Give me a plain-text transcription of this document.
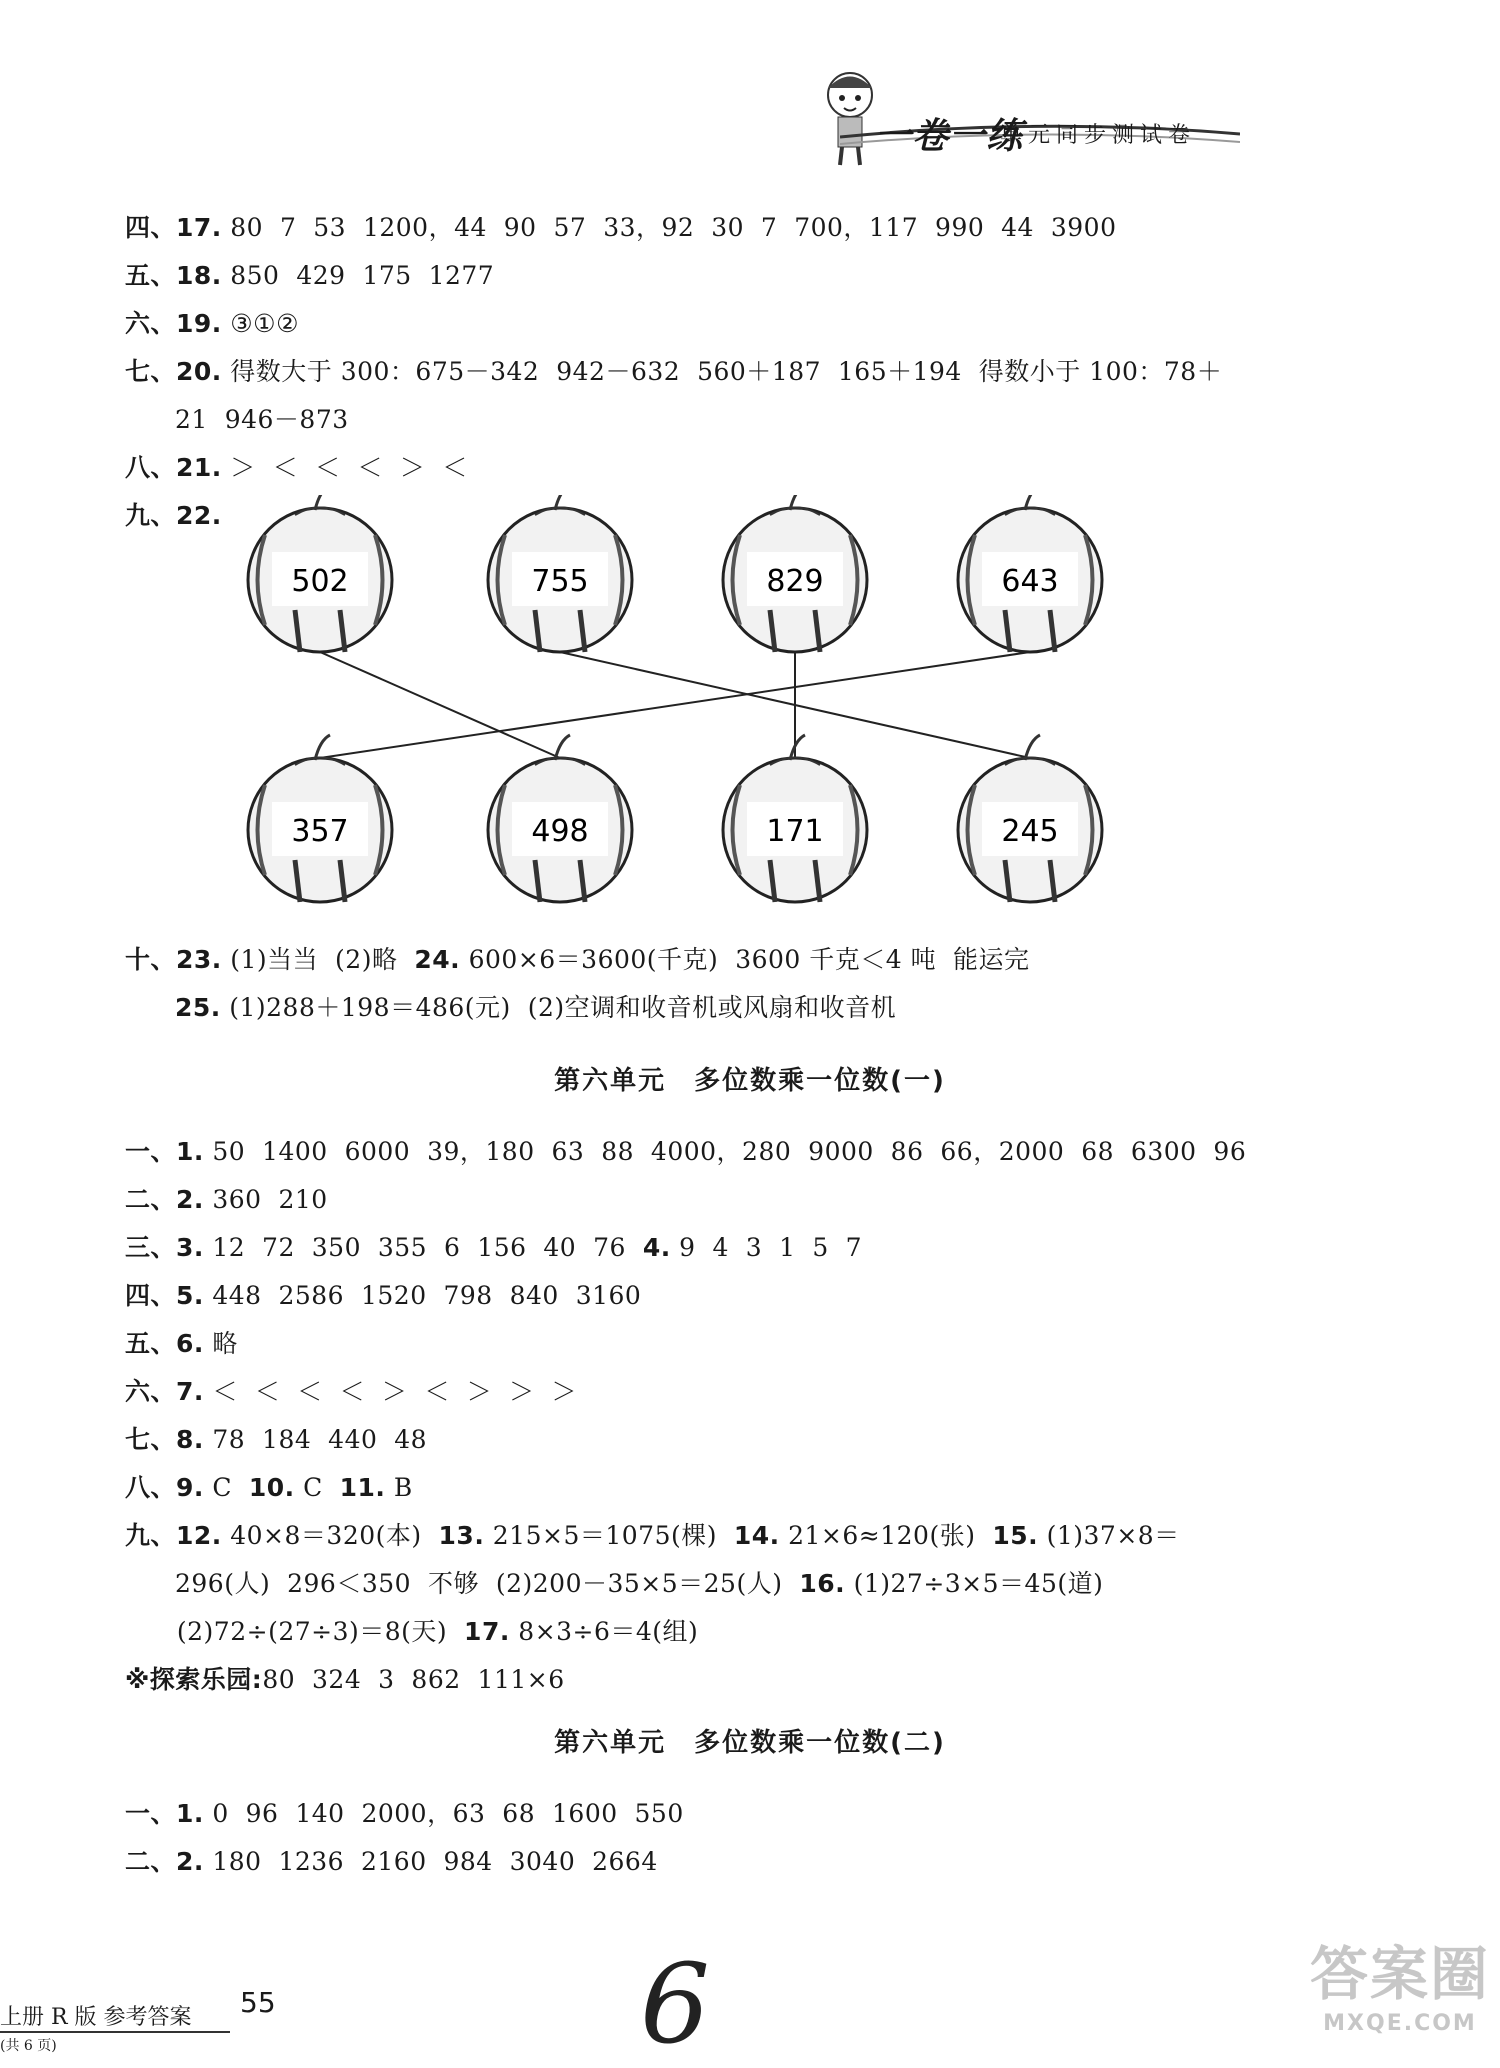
一卷一练
单元同步测试卷
四、17. 80  7  53  1200，44  90  57  33，92  30  7  700，117  990  44  3900
五、18. 850  429  175  1277
六、19. ③①②
七、20. 得数大于 300：675－342  942－632  560＋187  165＋194  得数小于 100：78＋
21  946－873
八、21. ＞  ＜  ＜  ＜  ＞  ＜
九、22.
502	755	829	643
357	498	171	245
十、23. (1)当当  (2)略  24. 600×6＝3600(千克)  3600 千克＜4 吨  能运完
25. (1)288＋198＝486(元)  (2)空调和收音机或风扇和收音机
第六单元　多位数乘一位数(一)
一、1. 50  1400  6000  39，180  63  88  4000，280  9000  86  66，2000  68  6300  96
二、2. 360  210
三、3. 12  72  350  355  6  156  40  76  4. 9  4  3  1  5  7
四、5. 448  2586  1520  798  840  3160
五、6. 略
六、7. ＜  ＜  ＜  ＜  ＞  ＜  ＞  ＞  ＞
七、8. 78  184  440  48
八、9. C  10. C  11. B
九、12. 40×8＝320(本)  13. 215×5＝1075(棵)  14. 21×6≈120(张)  15. (1)37×8＝
296(人)  296＜350  不够  (2)200－35×5＝25(人)  16. (1)27÷3×5＝45(道)
(2)72÷(27÷3)＝8(天)  17. 8×3÷6＝4(组)
※探索乐园:80  324  3  862  111×6
第六单元　多位数乘一位数(二)
一、1. 0  96  140  2000，63  68  1600  550
二、2. 180  1236  2160  984  3040  2664
上册 R 版 参考答案
(共 6 页)
55	6	答案圈
MXQE.COM
